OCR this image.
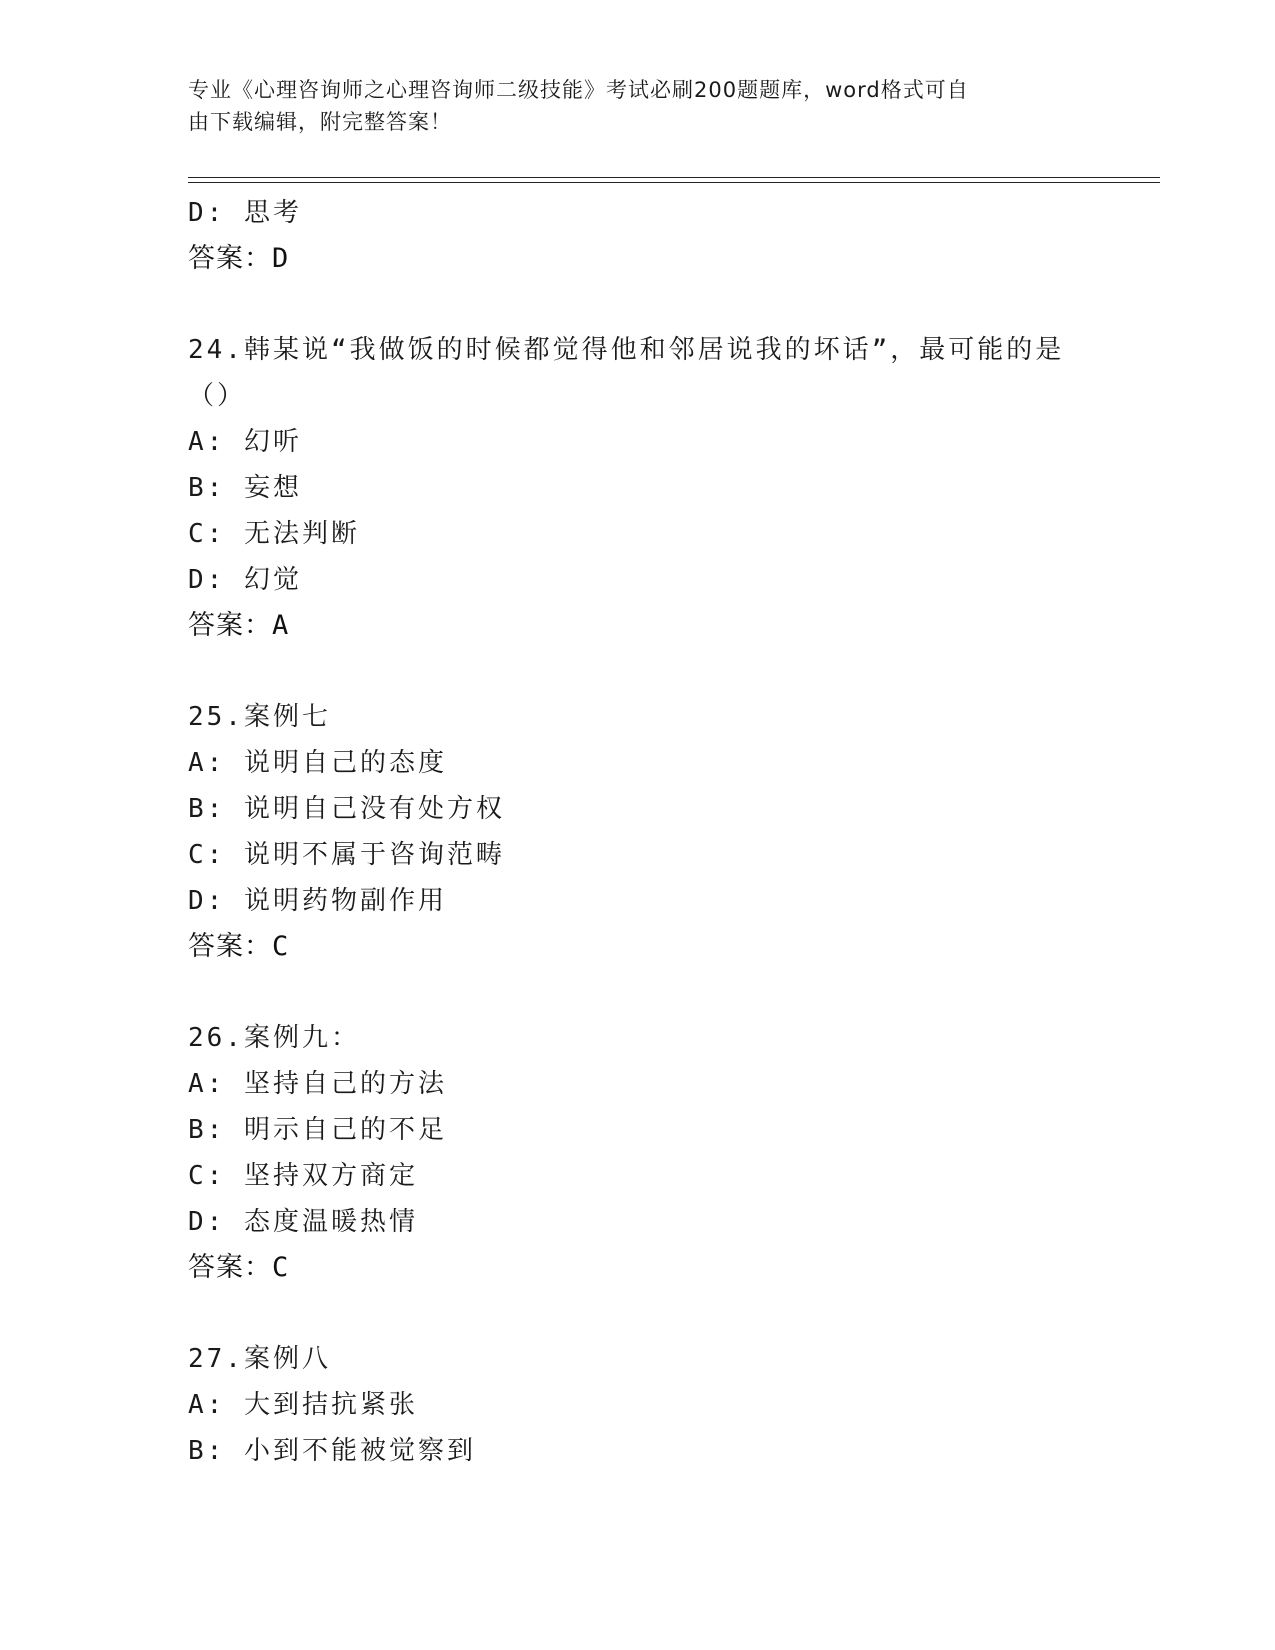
专业《心理咨询师之心理咨询师二级技能》考试必刷200题题库，word格式可自
由下载编辑，附完整答案！
D: 思考
答案：D
24.韩某说“我做饭的时候都觉得他和邻居说我的坏话”，最可能的是
（）
A: 幻听
B: 妄想
C: 无法判断
D: 幻觉
答案：A
25.案例七
A: 说明自己的态度
B: 说明自己没有处方权
C: 说明不属于咨询范畴
D: 说明药物副作用
答案：C
26.案例九：
A: 坚持自己的方法
B: 明示自己的不足
C: 坚持双方商定
D: 态度温暖热情
答案：C
27.案例八
A: 大到拮抗紧张
B: 小到不能被觉察到
